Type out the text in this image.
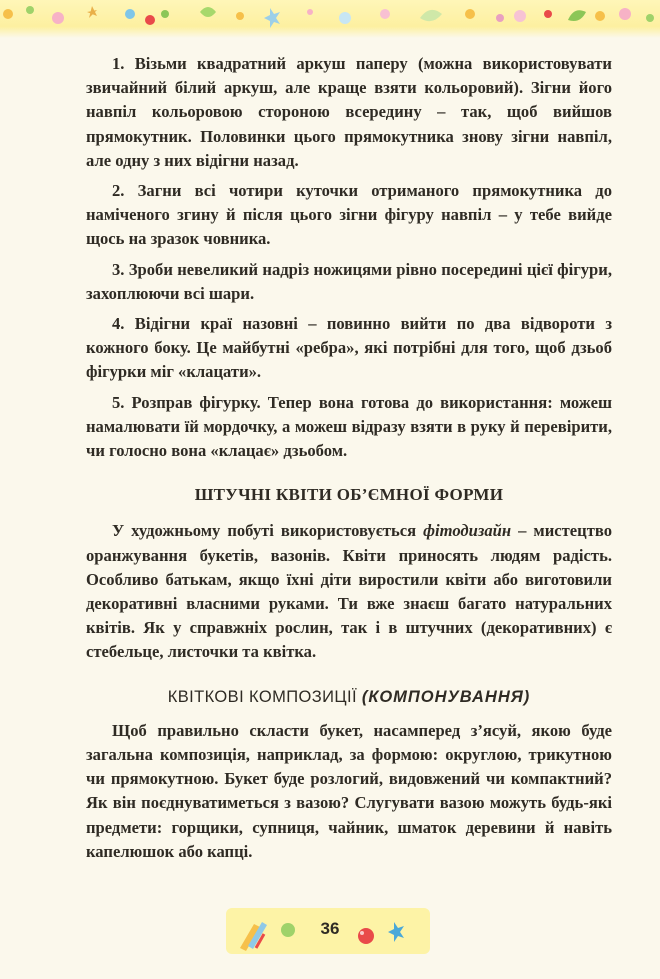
1. Візьми квадратний аркуш паперу (можна використовувати звичайний білий аркуш, але краще взяти кольоровий). Зігни його навпіл кольоровою стороною всередину – так, щоб вийшов прямокутник. Половинки цього прямокутника знову зігни навпіл, але одну з них відігни назад.

2. Загни всі чотири куточки отриманого прямокутника до наміченого згину й після цього зігни фігуру навпіл – у тебе вийде щось на зразок човника.

3. Зроби невеликий надріз ножицями рівно посередині цієї фігури, захоплюючи всі шари.

4. Відігни краї назовні – повинно вийти по два відвороти з кожного боку. Це майбутні «ребра», які потрібні для того, щоб дзьоб фігурки міг «клацати».

5. Розправ фігурку. Тепер вона готова до використання: можеш намалювати їй мордочку, а можеш відразу взяти в руку й перевірити, чи голосно вона «клацає» дзьобом.

ШТУЧНІ КВІТИ ОБ’ЄМНОЇ ФОРМИ

У художньому побуті використовується фітодизайн – мистецтво оранжування букетів, вазонів. Квіти приносять людям радість. Особливо батькам, якщо їхні діти виростили квіти або виготовили декоративні власними руками. Ти вже знаєш багато натуральних квітів. Як у справжніх рослин, так і в штучних (декоративних) є стебельце, листочки та квітка.

КВІТКОВІ КОМПОЗИЦІЇ (КОМПОНУВАННЯ)

Щоб правильно скласти букет, насамперед з’ясуй, якою буде загальна композиція, наприклад, за формою: округлою, трикутною чи прямокутною. Букет буде розлогий, видовжений чи компактний? Як він поєднуватиметься з вазою? Слугувати вазою можуть будь-які предмети: горщики, супниця, чайник, шматок деревини й навіть капелюшок або капці.

36
